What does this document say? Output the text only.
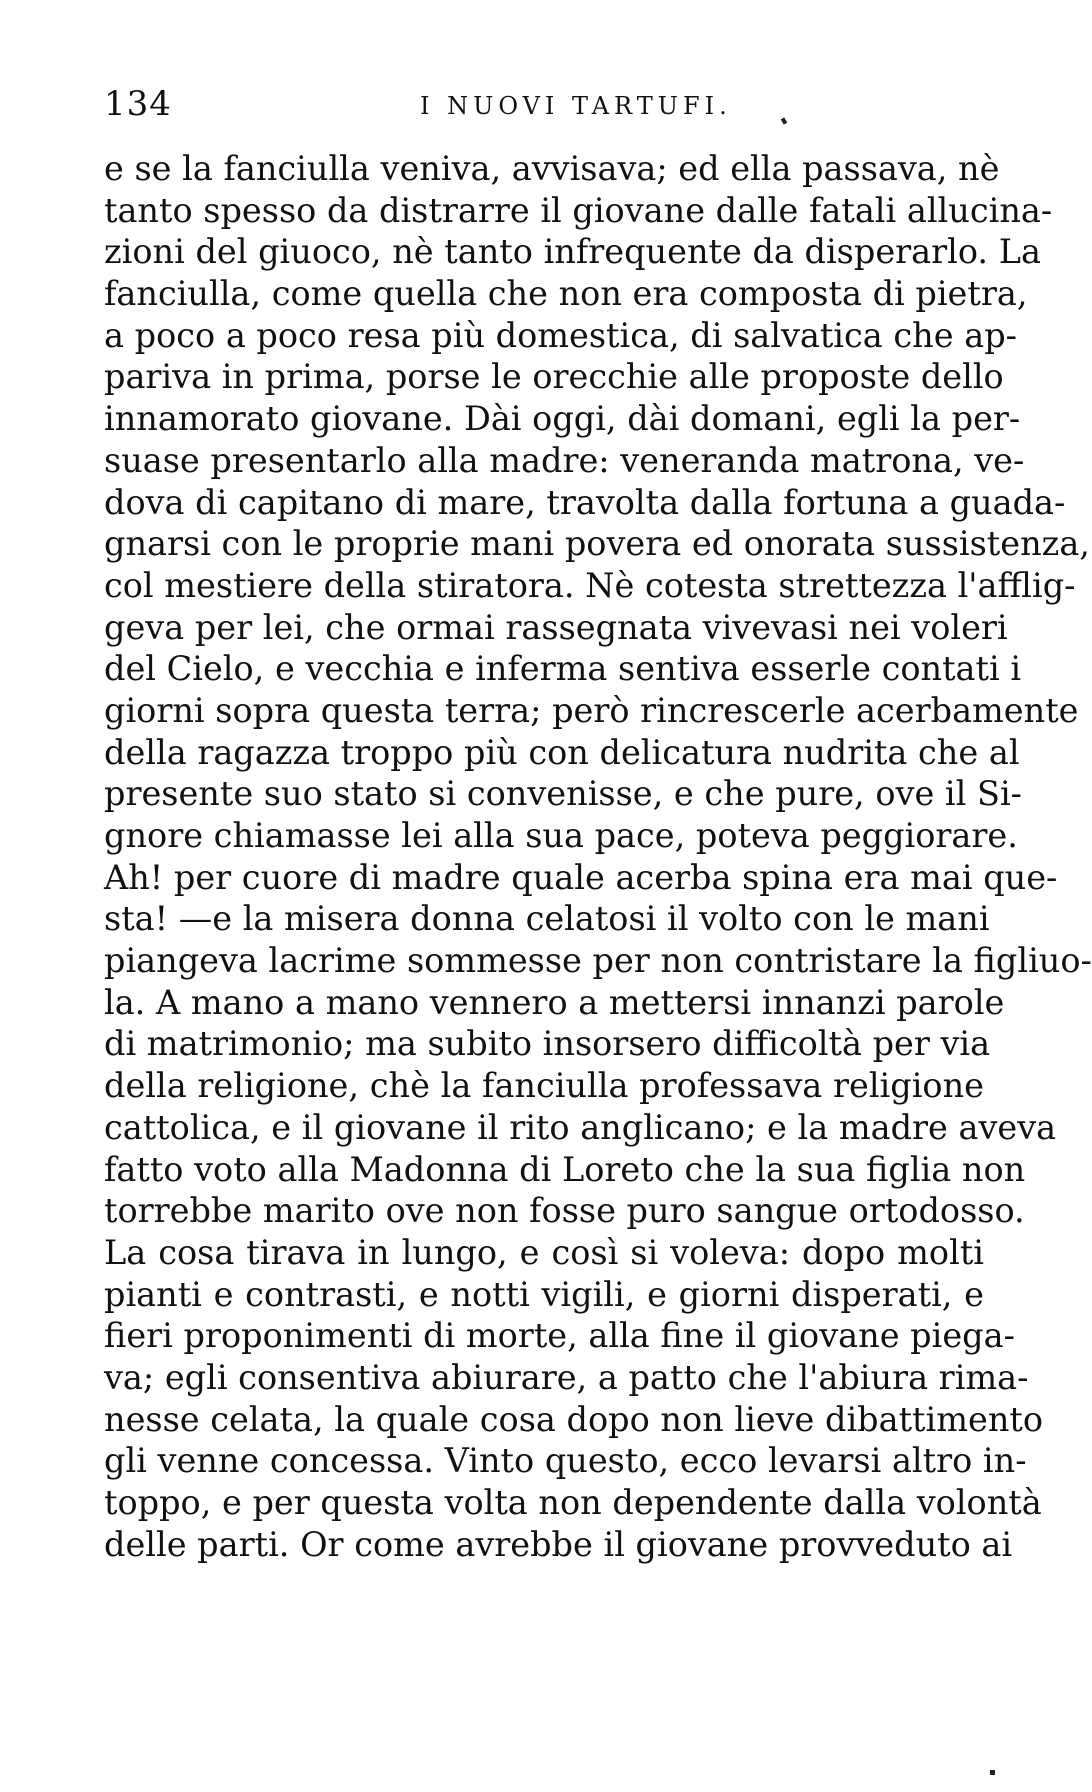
134	I NUOVI TARTUFI.
e se la fanciulla veniva, avvisava; ed ella passava, nè
tanto spesso da distrarre il giovane dalle fatali allucina-
zioni del giuoco, nè tanto infrequente da disperarlo. La
fanciulla, come quella che non era composta di pietra,
a poco a poco resa più domestica, di salvatica che ap-
pariva in prima, porse le orecchie alle proposte dello
innamorato giovane. Dài oggi, dài domani, egli la per-
suase presentarlo alla madre: veneranda matrona, ve-
dova di capitano di mare, travolta dalla fortuna a guada-
gnarsi con le proprie mani povera ed onorata sussistenza,
col mestiere della stiratora. Nè cotesta strettezza l'afflig-
geva per lei, che ormai rassegnata vivevasi nei voleri
del Cielo, e vecchia e inferma sentiva esserle contati i
giorni sopra questa terra; però rincrescerle acerbamente
della ragazza troppo più con delicatura nudrita che al
presente suo stato si convenisse, e che pure, ove il Si-
gnore chiamasse lei alla sua pace, poteva peggiorare.
Ah! per cuore di madre quale acerba spina era mai que-
sta! —e la misera donna celatosi il volto con le mani
piangeva lacrime sommesse per non contristare la figliuo-
la. A mano a mano vennero a mettersi innanzi parole
di matrimonio; ma subito insorsero difficoltà per via
della religione, chè la fanciulla professava religione
cattolica, e il giovane il rito anglicano; e la madre aveva
fatto voto alla Madonna di Loreto che la sua figlia non
torrebbe marito ove non fosse puro sangue ortodosso.
La cosa tirava in lungo, e così si voleva: dopo molti
pianti e contrasti, e notti vigili, e giorni disperati, e
fieri proponimenti di morte, alla fine il giovane piega-
va; egli consentiva abiurare, a patto che l'abiura rima-
nesse celata, la quale cosa dopo non lieve dibattimento
gli venne concessa. Vinto questo, ecco levarsi altro in-
toppo, e per questa volta non dependente dalla volontà
delle parti. Or come avrebbe il giovane provveduto ai
